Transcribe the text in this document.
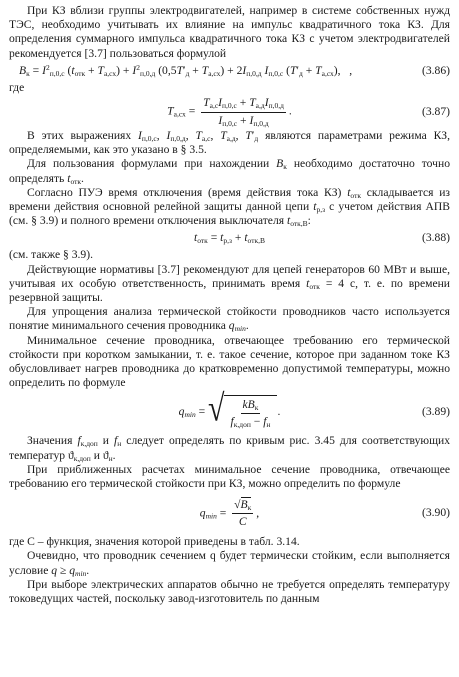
При КЗ вблизи группы электродвигателей, например в системе собственных нужд ТЭС, необходимо учитывать их влияние на импульс квадратичного тока КЗ. Для определения суммарного импульса квадратичного тока КЗ с учетом электродвигателей рекомендуется [3.7] пользоваться формулой

$B_к = I^2_{п,0,с}$ $(t_{отк} + T_{а,сх}) + I^2_{п,0,д}$ $(0,5T'_д + T_{а,сх}) + 2I_{п,0,д}$ $I_{п,0,с}$ $(T'_д + T_{а,сх})$,   ,	(3.86)

где

$T_{а,сх} = \frac{T_{а,с}I_{п,0,с} + T_{а,д}I_{п,0,д}}{I_{п,0,с} + I_{п,0,д}}$ .	(3.87)

В этих выражениях $I_{п,0,с}$, $I_{п,0,д}$, $T_{а,с}$, $T_{а,д}$, $T'_д$ являются параметрами режима КЗ, определяемыми, как это указано в § 3.5.

Для пользования формулами при нахождении $B_к$ необходимо достаточно точно определять $t_{отк}$.

Согласно ПУЭ время отключения (время действия тока КЗ) $t_{отк}$ складывается из времени действия основной релейной защиты данной цепи $t_{р,з}$ с учетом действия АПВ (см. § 3.9) и полного времени отключения выключателя $t_{отк,В}$:

$t_{отк} = t_{р,з} + t_{отк,В}$	(3.88)

(см. также § 3.9).

Действующие нормативы [3.7] рекомендуют для цепей генераторов 60 МВт и выше, учитывая их особую ответственность, принимать время $t_{отк} = 4$ с, т. е. по времени резервной защиты.

Для упрощения анализа термической стойкости проводников часто используется понятие минимального сечения проводника $q_{min}$.

Минимальное сечение проводника, отвечающее требованию его термической стойкости при коротком замыкании, т. е. такое сечение, которое при заданном токе КЗ обусловливает нагрев проводника до кратковременно допустимой температуры, можно определить по формуле

$q_{min}$ = √ $\frac{kB_к}{f_{к,доп} - f_н}$ .	(3.89)

Значения $f_{к,доп}$ и $f_н$ следует определять по кривым рис. 3.45 для соответствующих температур $ϑ_{к,доп}$ и $ϑ_н$.

При приближенных расчетах минимальное сечение проводника, отвечающее требованию его термической стойкости при КЗ, можно определить по формуле

$q_{min} = \frac{√B_к}{C}$ ,	(3.90)

где C – функция, значения которой приведены в табл. 3.14.

Очевидно, что проводник сечением q будет термически стойким, если выполняется условие $q \ge q_{min}$.

При выборе электрических аппаратов обычно не требуется определять температуру токоведущих частей, поскольку завод-изготовитель по данным
